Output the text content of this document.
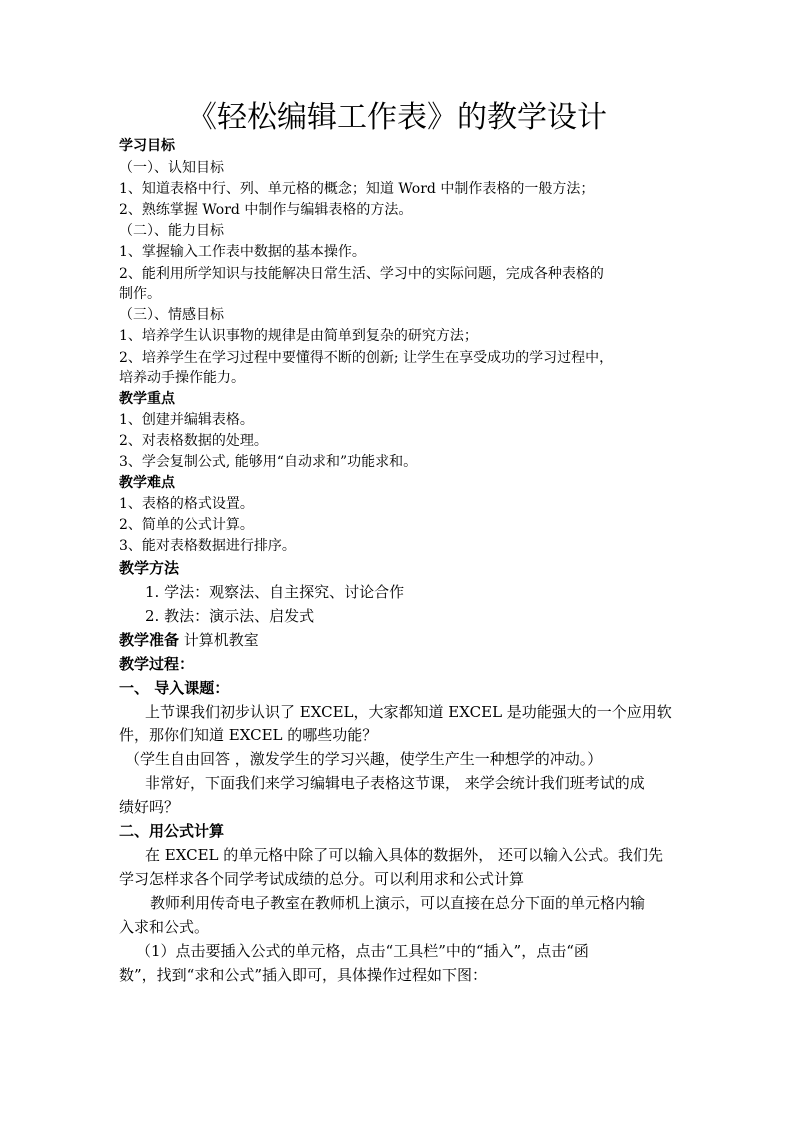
《轻松编辑工作表》的教学设计
学习目标
（一）、认知目标
1、知道表格中行、列、单元格的概念；知道 Word 中制作表格的一般方法；
2、熟练掌握 Word 中制作与编辑表格的方法。
（二）、能力目标
1、掌握输入工作表中数据的基本操作。
2、能利用所学知识与技能解决日常生活、学习中的实际问题，完成各种表格的
制作。
（三）、情感目标
1、培养学生认识事物的规律是由简单到复杂的研究方法；
2、培养学生在学习过程中要懂得不断的创新; 让学生在享受成功的学习过程中，
培养动手操作能力。
教学重点
1、创建并编辑表格。
2、对表格数据的处理。
3、学会复制公式, 能够用“自动求和”功能求和。
教学难点
1、表格的格式设置。
2、简单的公式计算。
3、能对表格数据进行排序。
教学方法
1. 学法：观察法、自主探究、讨论合作
2. 教法：演示法、启发式
教学准备 计算机教室
教学过程：
一、 导入课题：
上节课我们初步认识了 EXCEL，大家都知道 EXCEL 是功能强大的一个应用软
件，那你们知道 EXCEL 的哪些功能？
（学生自由回答 ，激发学生的学习兴趣，使学生产生一种想学的冲动。）
非常好，下面我们来学习编辑电子表格这节课， 来学会统计我们班考试的成
绩好吗？
二、用公式计算
在 EXCEL 的单元格中除了可以输入具体的数据外， 还可以输入公式。我们先
学习怎样求各个同学考试成绩的总分。可以利用求和公式计算
教师利用传奇电子教室在教师机上演示，可以直接在总分下面的单元格内输
入求和公式。
（1）点击要插入公式的单元格，点击“工具栏”中的“插入”，点击“函
数”，找到“求和公式”插入即可，具体操作过程如下图：
